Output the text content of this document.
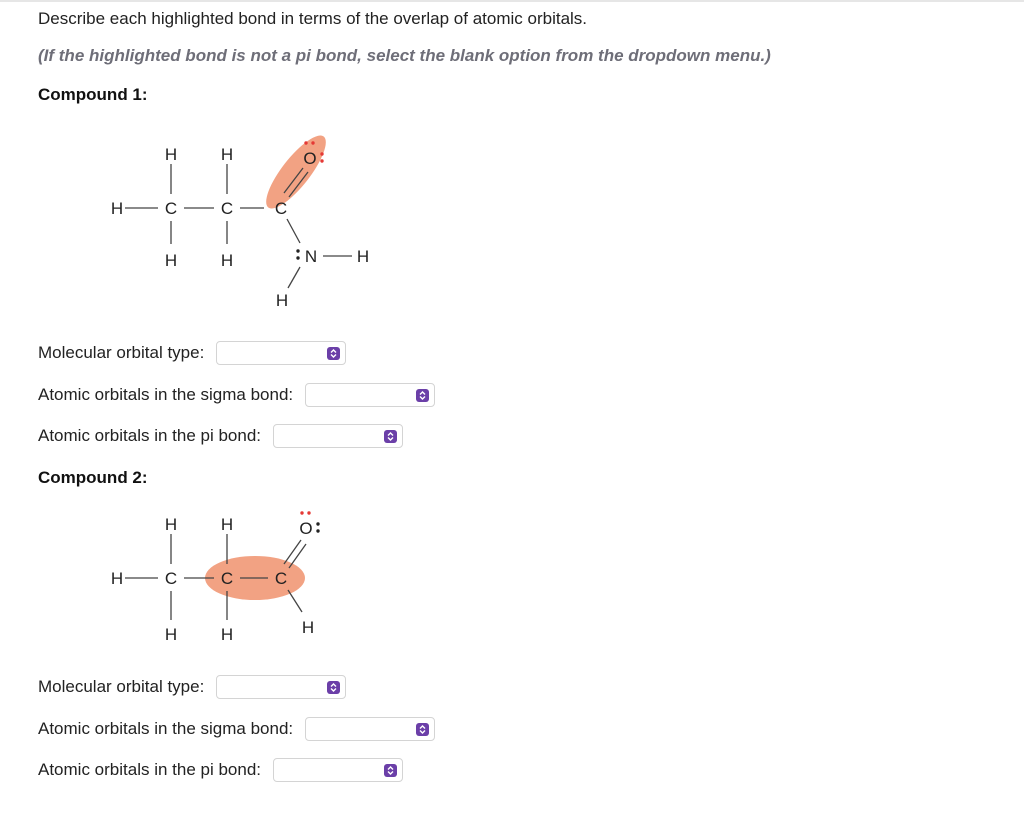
Describe each highlighted bond in terms of the overlap of atomic orbitals.
(If the highlighted bond is not a pi bond, select the blank option from the dropdown menu.)
Compound 1:
H	H
H C	C C
H	H
O
N H
H
Molecular orbital type:
Atomic orbitals in the sigma bond:
Atomic orbitals in the pi bond:
Compound 2:
H	H
H C	C C
H	H
O
H
Molecular orbital type:
Atomic orbitals in the sigma bond:
Atomic orbitals in the pi bond:
